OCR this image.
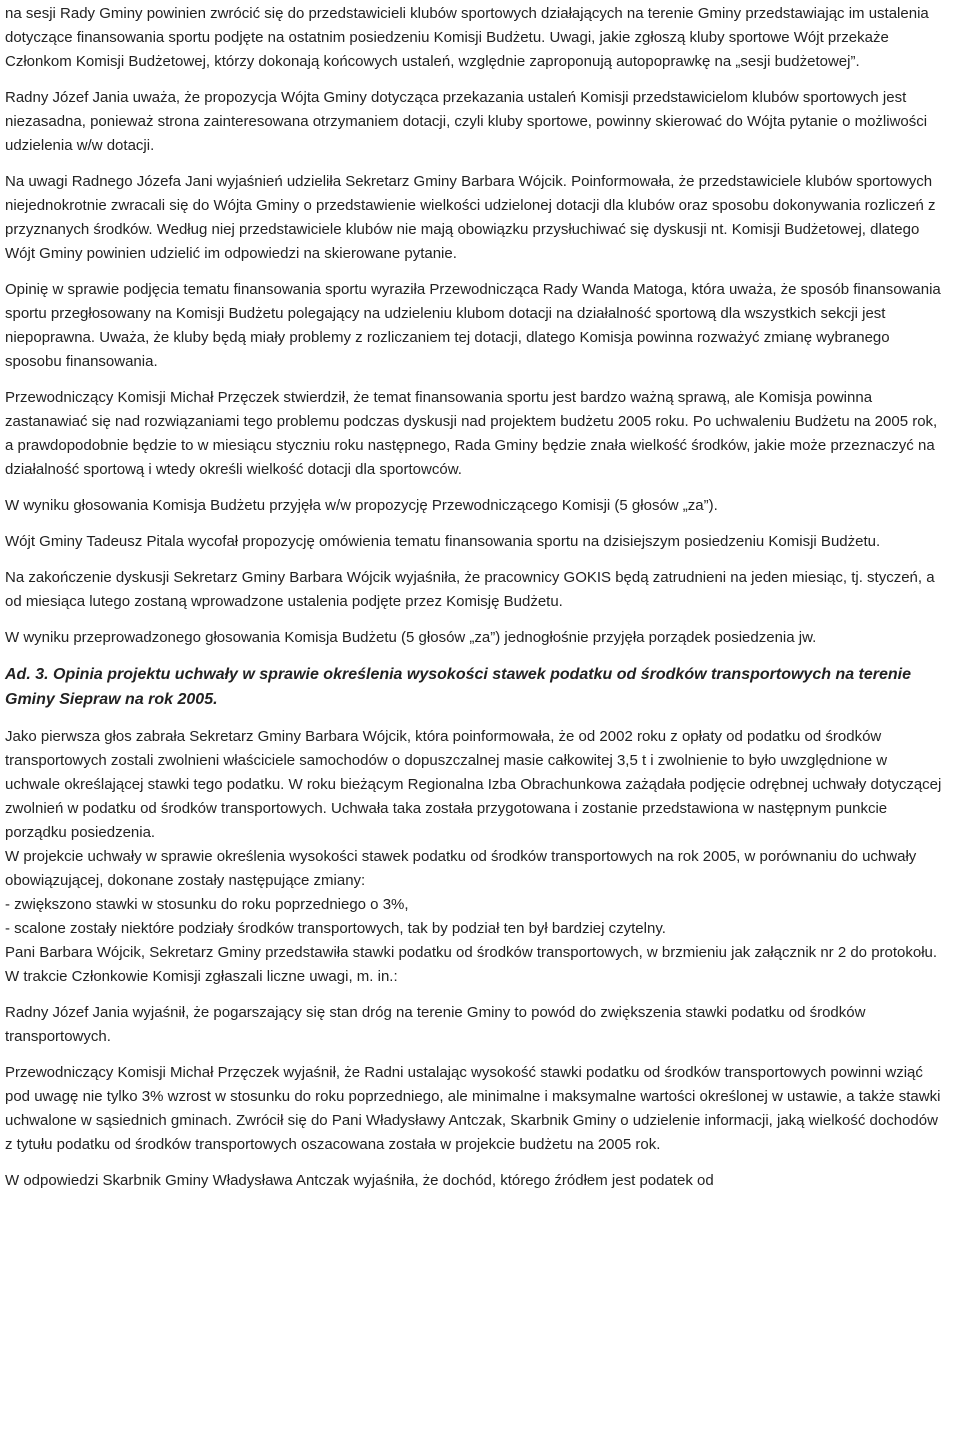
na sesji Rady Gminy powinien zwrócić się do przedstawicieli klubów sportowych działających na terenie Gminy przedstawiając im ustalenia dotyczące finansowania sportu podjęte na ostatnim posiedzeniu Komisji Budżetu. Uwagi, jakie zgłoszą kluby sportowe Wójt przekaże Członkom Komisji Budżetowej, którzy dokonają końcowych ustaleń, względnie zaproponują autopoprawkę na „sesji budżetowej”.

Radny Józef Jania uważa, że propozycja Wójta Gminy dotycząca przekazania ustaleń Komisji przedstawicielom klubów sportowych jest niezasadna, ponieważ strona zainteresowana otrzymaniem dotacji, czyli kluby sportowe, powinny skierować do Wójta pytanie o możliwości udzielenia w/w dotacji.

Na uwagi Radnego Józefa Jani wyjaśnień udzieliła Sekretarz Gminy Barbara Wójcik. Poinformowała, że przedstawiciele klubów sportowych niejednokrotnie zwracali się do Wójta Gminy o przedstawienie wielkości udzielonej dotacji dla klubów oraz sposobu dokonywania rozliczeń z przyznanych środków. Według niej przedstawiciele klubów nie mają obowiązku przysłuchiwać się dyskusji nt. Komisji Budżetowej, dlatego Wójt Gminy powinien udzielić im odpowiedzi na skierowane pytanie.

Opinię w sprawie podjęcia tematu finansowania sportu wyraziła Przewodnicząca Rady Wanda Matoga, która uważa, że sposób finansowania sportu przegłosowany na Komisji Budżetu polegający na udzieleniu klubom dotacji na działalność sportową dla wszystkich sekcji jest niepoprawna. Uważa, że kluby będą miały problemy z rozliczaniem tej dotacji, dlatego Komisja powinna rozważyć zmianę wybranego sposobu finansowania.

Przewodniczący Komisji Michał Przęczek stwierdził, że temat finansowania sportu jest bardzo ważną sprawą, ale Komisja powinna zastanawiać się nad rozwiązaniami tego problemu podczas dyskusji nad projektem budżetu 2005 roku. Po uchwaleniu Budżetu na 2005 rok, a prawdopodobnie będzie to w miesiącu styczniu roku następnego, Rada Gminy będzie znała wielkość środków, jakie może przeznaczyć na działalność sportową i wtedy określi wielkość dotacji dla sportowców.

W wyniku głosowania Komisja Budżetu przyjęła w/w propozycję Przewodniczącego Komisji (5 głosów „za”).

Wójt Gminy Tadeusz Pitala wycofał propozycję omówienia tematu finansowania sportu na dzisiejszym posiedzeniu Komisji Budżetu.

Na zakończenie dyskusji Sekretarz Gminy Barbara Wójcik wyjaśniła, że pracownicy GOKIS będą zatrudnieni na jeden miesiąc, tj. styczeń, a od miesiąca lutego zostaną wprowadzone ustalenia podjęte przez Komisję Budżetu.

W wyniku przeprowadzonego głosowania Komisja Budżetu (5 głosów „za”) jednogłośnie przyjęła porządek posiedzenia jw.

Ad. 3. Opinia projektu uchwały w sprawie określenia wysokości stawek podatku od środków transportowych na terenie Gminy Siepraw na rok 2005.

Jako pierwsza głos zabrała Sekretarz Gminy Barbara Wójcik, która poinformowała, że od 2002 roku z opłaty od podatku od środków transportowych zostali zwolnieni właściciele samochodów o dopuszczalnej masie całkowitej 3,5 t i zwolnienie to było uwzględnione w uchwale określającej stawki tego podatku. W roku bieżącym Regionalna Izba Obrachunkowa zażądała podjęcie odrębnej uchwały dotyczącej zwolnień w podatku od środków transportowych. Uchwała taka została przygotowana i zostanie przedstawiona w następnym punkcie porządku posiedzenia.

W projekcie uchwały w sprawie określenia wysokości stawek podatku od środków transportowych na rok 2005, w porównaniu do uchwały obowiązującej, dokonane zostały następujące zmiany:

- zwiększono stawki w stosunku do roku poprzedniego o 3%,

- scalone zostały niektóre podziały środków transportowych, tak by podział ten był bardziej czytelny.

Pani Barbara Wójcik, Sekretarz Gminy przedstawiła stawki podatku od środków transportowych, w brzmieniu jak załącznik nr 2 do protokołu. W trakcie Członkowie Komisji zgłaszali liczne uwagi, m. in.:

Radny Józef Jania wyjaśnił, że pogarszający się stan dróg na terenie Gminy to powód do zwiększenia stawki podatku od środków transportowych.

Przewodniczący Komisji Michał Przęczek wyjaśnił, że Radni ustalając wysokość stawki podatku od środków transportowych powinni wziąć pod uwagę nie tylko 3% wzrost w stosunku do roku poprzedniego, ale minimalne i maksymalne wartości określonej w ustawie, a także stawki uchwalone w sąsiednich gminach. Zwrócił się do Pani Władysławy Antczak, Skarbnik Gminy o udzielenie informacji, jaką wielkość dochodów z tytułu podatku od środków transportowych oszacowana została w projekcie budżetu na 2005 rok.

W odpowiedzi Skarbnik Gminy Władysława Antczak wyjaśniła, że dochód, którego źródłem jest podatek od
